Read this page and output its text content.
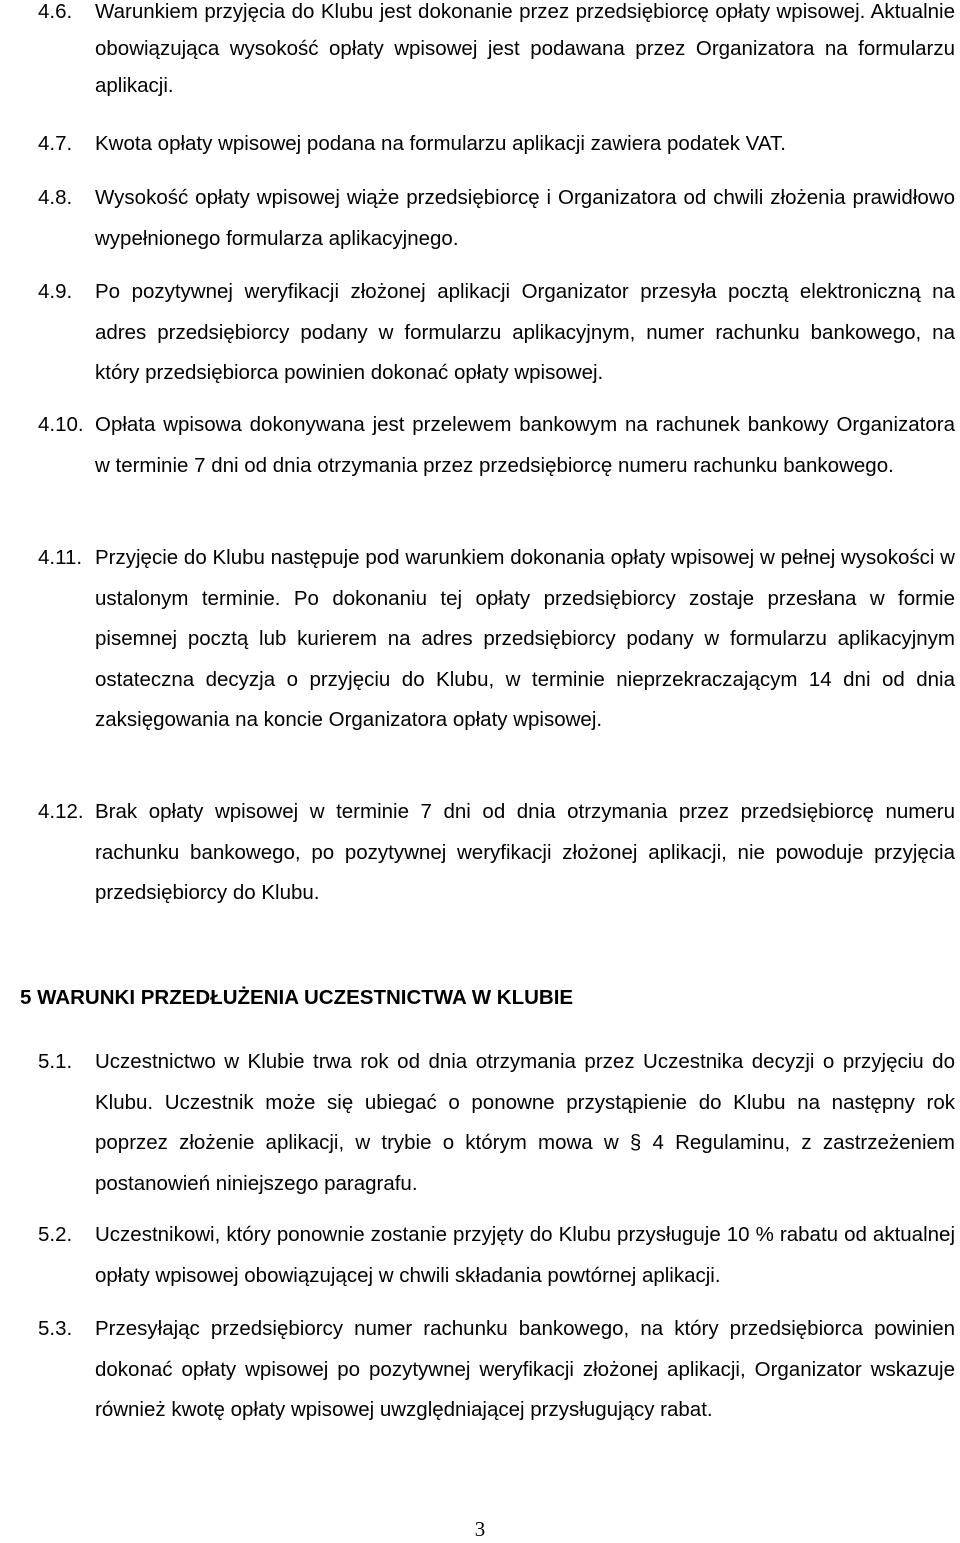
4.6. Warunkiem przyjęcia do Klubu jest dokonanie przez przedsiębiorcę opłaty wpisowej. Aktualnie obowiązująca wysokość opłaty wpisowej jest podawana przez Organizatora na formularzu aplikacji.
4.7. Kwota opłaty wpisowej podana na formularzu aplikacji zawiera podatek VAT.
4.8. Wysokość opłaty wpisowej wiąże przedsiębiorcę i Organizatora od chwili złożenia prawidłowo wypełnionego formularza aplikacyjnego.
4.9. Po pozytywnej weryfikacji złożonej aplikacji Organizator przesyła pocztą elektroniczną na adres przedsiębiorcy podany w formularzu aplikacyjnym, numer rachunku bankowego, na który przedsiębiorca powinien dokonać opłaty wpisowej.
4.10. Opłata wpisowa dokonywana jest przelewem bankowym na rachunek bankowy Organizatora w terminie 7 dni od dnia otrzymania przez przedsiębiorcę numeru rachunku bankowego.
4.11. Przyjęcie do Klubu następuje pod warunkiem dokonania opłaty wpisowej w pełnej wysokości w ustalonym terminie. Po dokonaniu tej opłaty przedsiębiorcy zostaje przesłana w formie pisemnej pocztą lub kurierem na adres przedsiębiorcy podany w formularzu aplikacyjnym ostateczna decyzja o przyjęciu do Klubu, w terminie nieprzekraczającym 14 dni od dnia zaksięgowania na koncie Organizatora opłaty wpisowej.
4.12. Brak opłaty wpisowej w terminie 7 dni od dnia otrzymania przez przedsiębiorcę numeru rachunku bankowego, po pozytywnej weryfikacji złożonej aplikacji, nie powoduje przyjęcia przedsiębiorcy do Klubu.
5 WARUNKI PRZEDŁUŻENIA UCZESTNICTWA W KLUBIE
5.1. Uczestnictwo w Klubie trwa rok od dnia otrzymania przez Uczestnika decyzji o przyjęciu do Klubu. Uczestnik może się ubiegać o ponowne przystąpienie do Klubu na następny rok poprzez złożenie aplikacji, w trybie o którym mowa w § 4 Regulaminu, z zastrzeżeniem postanowień niniejszego paragrafu.
5.2. Uczestnikowi, który ponownie zostanie przyjęty do Klubu przysługuje 10 % rabatu od aktualnej opłaty wpisowej obowiązującej w chwili składania powtórnej aplikacji.
5.3. Przesyłając przedsiębiorcy numer rachunku bankowego, na który przedsiębiorca powinien dokonać opłaty wpisowej po pozytywnej weryfikacji złożonej aplikacji, Organizator wskazuje również kwotę opłaty wpisowej uwzględniającej przysługujący rabat.
3
